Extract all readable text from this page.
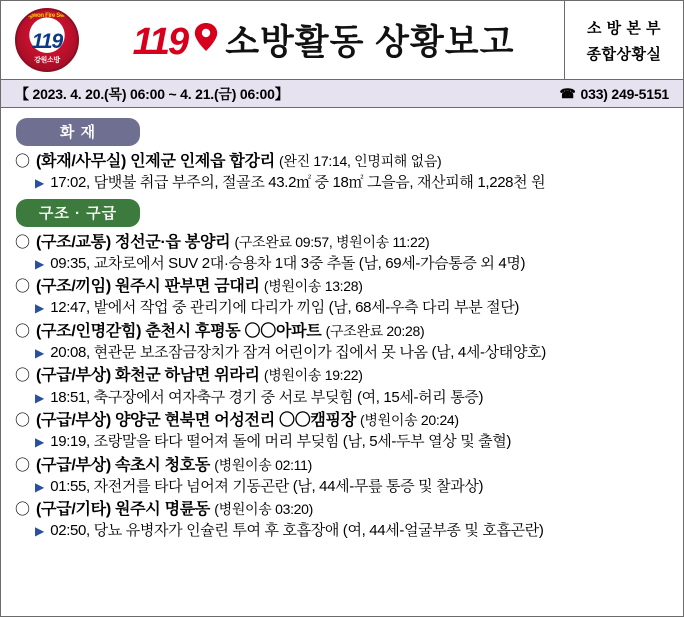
Gangwon Fire Service
119
강원소방	119 소방활동 상황보고	소 방 본 부
종합상황실
【 2023. 4. 20.(목) 06:00 ~ 4. 21.(금) 06:00】	☎ 033) 249-5151
화 재
〇 (화재/사무실) 인제군 인제읍 합강리 (완진 17:14, 인명피해 없음)
▶ 17:02, 담뱃불 취급 부주의, 절골조 43.2㎡ 중 18㎡ 그을음, 재산피해 1,228천 원
구조 · 구급
〇 (구조/교통) 정선군·읍 봉양리 (구조완료 09:57, 병원이송 11:22)
▶ 09:35, 교차로에서 SUV 2대·승용차 1대 3중 추돌 (남, 69세-가슴통증 외 4명)
〇 (구조/끼임) 원주시 판부면 금대리 (병원이송 13:28)
▶ 12:47, 밭에서 작업 중 관리기에 다리가 끼임 (남, 68세-우측 다리 부분 절단)
〇 (구조/인명갇힘) 춘천시 후평동 〇〇아파트 (구조완료 20:28)
▶ 20:08, 현관문 보조잠금장치가 잠겨 어린이가 집에서 못 나옴 (남, 4세-상태양호)
〇 (구급/부상) 화천군 하남면 위라리 (병원이송 19:22)
▶ 18:51, 축구장에서 여자축구 경기 중 서로 부딪힘 (여, 15세-허리 통증)
〇 (구급/부상) 양양군 현북면 어성전리 〇〇캠핑장 (병원이송 20:24)
▶ 19:19, 조랑말을 타다 떨어져 돌에 머리 부딪힘 (남, 5세-두부 열상 및 출혈)
〇 (구급/부상) 속초시 청호동 (병원이송 02:11)
▶ 01:55, 자전거를 타다 넘어져 기동곤란 (남, 44세-무릎 통증 및 찰과상)
〇 (구급/기타) 원주시 명륜동 (병원이송 03:20)
▶ 02:50, 당뇨 유병자가 인슐린 투여 후 호흡장애 (여, 44세-얼굴부종 및 호흡곤란)
